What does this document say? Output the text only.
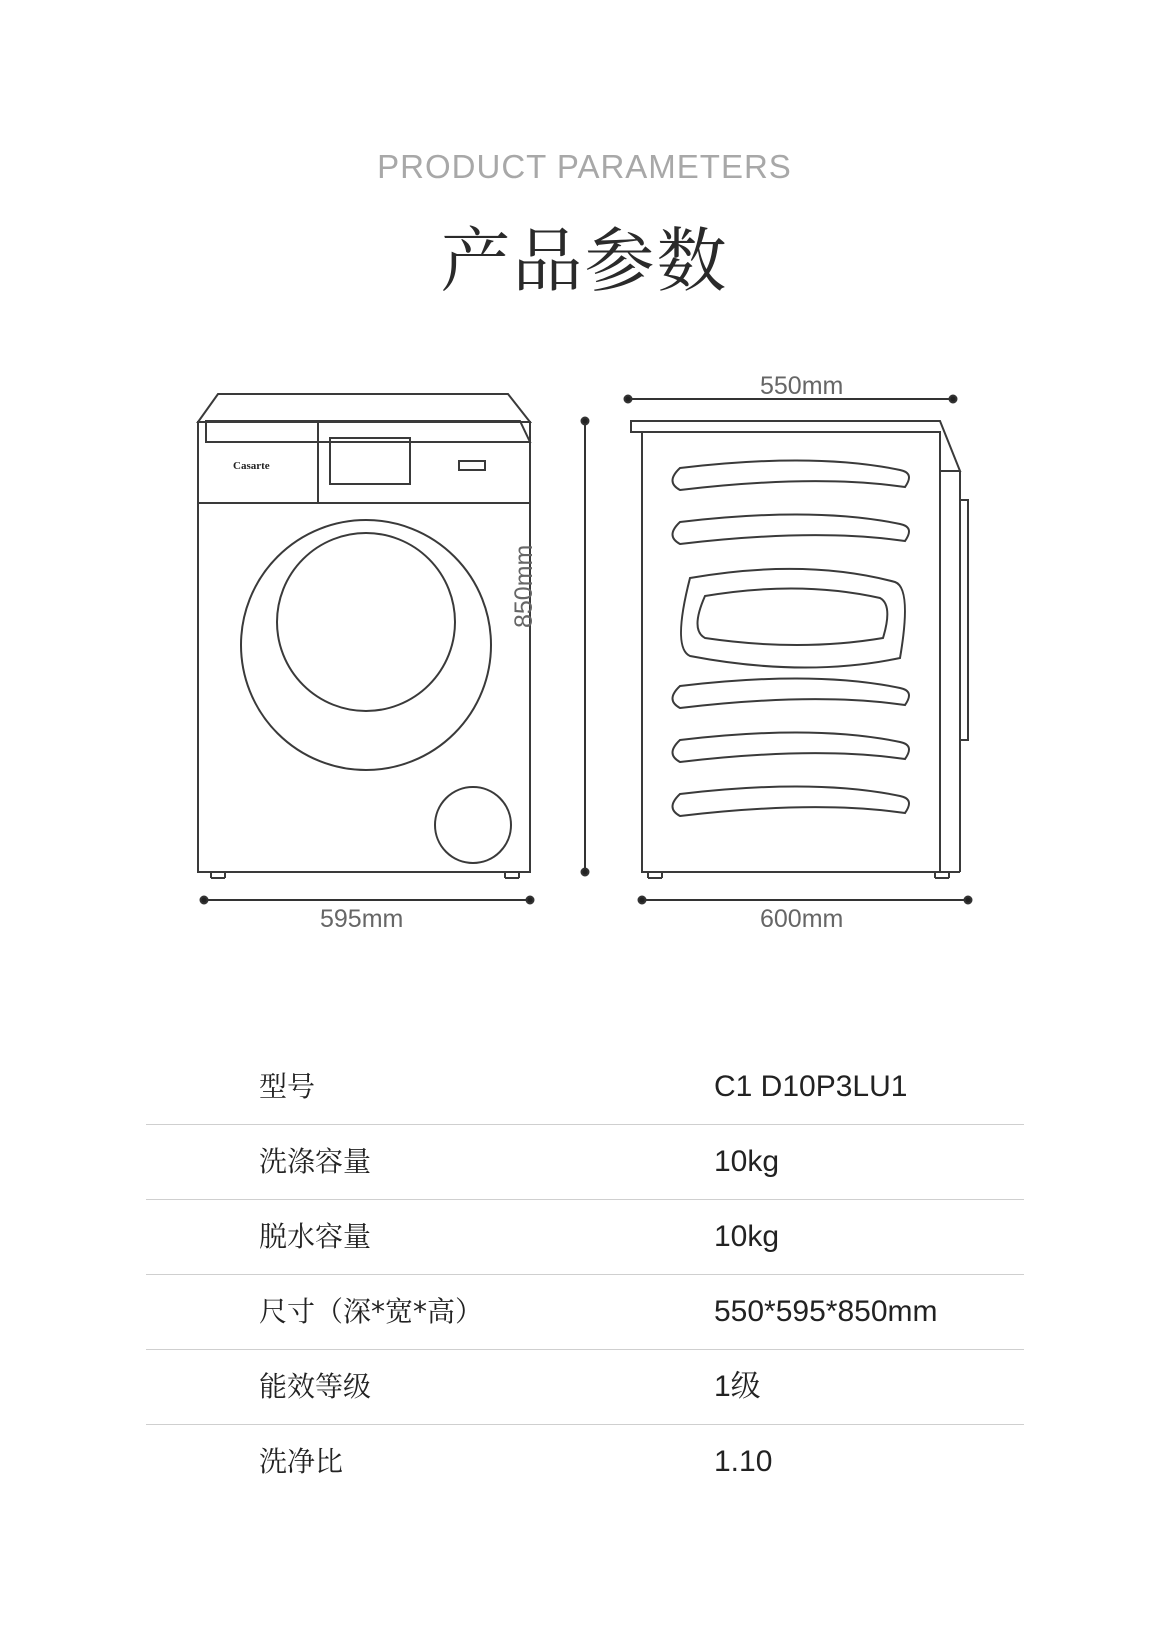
PRODUCT PARAMETERS
产品参数
Casarte
550mm
850mm
595mm	600mm
型号	C1 D10P3LU1
洗涤容量	10kg
脱水容量	10kg
尺寸（深*宽*高）	550*595*850mm
能效等级	1级
洗净比	1.10
